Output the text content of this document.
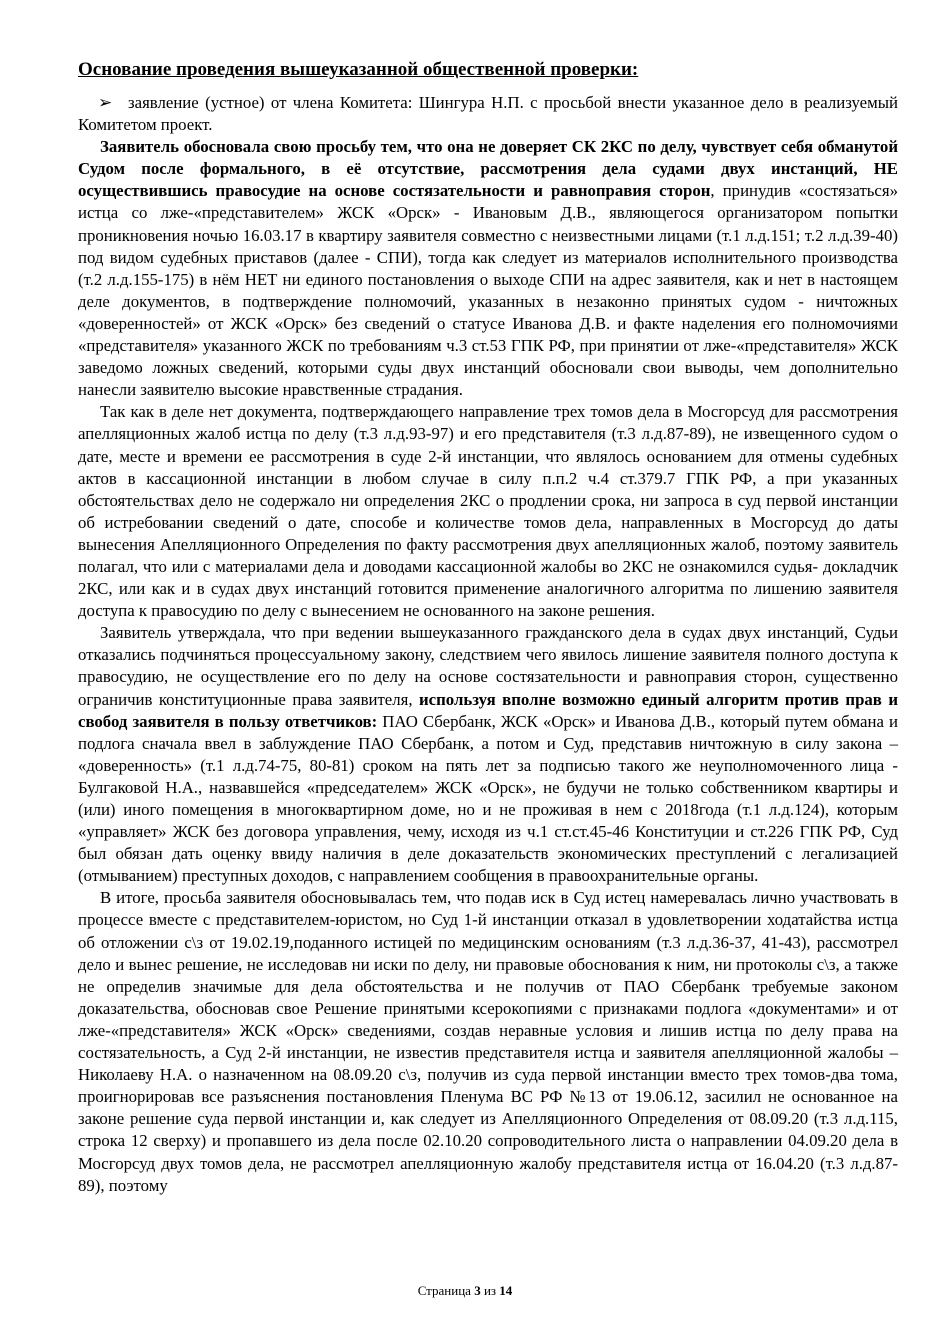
Основание проведения вышеуказанной общественной проверки:

➢ заявление (устное) от члена Комитета: Шингура Н.П. с просьбой внести указанное дело в реализуемый Комитетом проект.

Заявитель обосновала свою просьбу тем, что она не доверяет СК 2КС по делу, чувствует себя обманутой Судом после формального, в её отсутствие, рассмотрения дела судами двух инстанций, НЕ осуществившись правосудие на основе состязательности и равноправия сторон, принудив «состязаться» истца со лже-«представителем» ЖСК «Орск» - Ивановым Д.В., являющегося организатором попытки проникновения ночью 16.03.17 в квартиру заявителя совместно с неизвестными лицами (т.1 л.д.151; т.2 л.д.39-40) под видом судебных приставов (далее - СПИ), тогда как следует из материалов исполнительного производства (т.2 л.д.155-175) в нём НЕТ ни единого постановления о выходе СПИ на адрес заявителя, как и нет в настоящем деле документов, в подтверждение полномочий, указанных в незаконно принятых судом - ничтожных «доверенностей» от ЖСК «Орск» без сведений о статусе Иванова Д.В. и факте наделения его полномочиями «представителя» указанного ЖСК по требованиям ч.3 ст.53 ГПК РФ, при принятии от лже-«представителя» ЖСК заведомо ложных сведений, которыми суды двух инстанций обосновали свои выводы, чем дополнительно нанесли заявителю высокие нравственные страдания.

Так как в деле нет документа, подтверждающего направление трех томов дела в Мосгорсуд для рассмотрения апелляционных жалоб истца по делу (т.3 л.д.93-97) и его представителя (т.3 л.д.87-89), не извещенного судом о дате, месте и времени ее рассмотрения в суде 2-й инстанции, что являлось основанием для отмены судебных актов в кассационной инстанции в любом случае в силу п.п.2 ч.4 ст.379.7 ГПК РФ, а при указанных обстоятельствах дело не содержало ни определения 2КС о продлении срока, ни запроса в суд первой инстанции об истребовании сведений о дате, способе и количестве томов дела, направленных в Мосгорсуд до даты вынесения Апелляционного Определения по факту рассмотрения двух апелляционных жалоб, поэтому заявитель полагал, что или с материалами дела и доводами кассационной жалобы во 2КС не ознакомился судья- докладчик 2КС, или как и в судах двух инстанций готовится применение аналогичного алгоритма по лишению заявителя доступа к правосудию по делу с вынесением не основанного на законе решения.

Заявитель утверждала, что при ведении вышеуказанного гражданского дела в судах двух инстанций, Судьи отказались подчиняться процессуальному закону, следствием чего явилось лишение заявителя полного доступа к правосудию, не осуществление его по делу на основе состязательности и равноправия сторон, существенно ограничив конституционные права заявителя, используя вполне возможно единый алгоритм против прав и свобод заявителя в пользу ответчиков: ПАО Сбербанк, ЖСК «Орск» и Иванова Д.В., который путем обмана и подлога сначала ввел в заблуждение ПАО Сбербанк, а потом и Суд, представив ничтожную в силу закона – «доверенность» (т.1 л.д.74-75, 80-81) сроком на пять лет за подписью такого же неуполномоченного лица - Булгаковой Н.А., назвавшейся «председателем» ЖСК «Орск», не будучи не только собственником квартиры и (или) иного помещения в многоквартирном доме, но и не проживая в нем с 2018года (т.1 л.д.124), которым «управляет» ЖСК без договора управления, чему, исходя из ч.1 ст.ст.45-46 Конституции и ст.226 ГПК РФ, Суд был обязан дать оценку ввиду наличия в деле доказательств экономических преступлений с легализацией (отмыванием) преступных доходов, с направлением сообщения в правоохранительные органы.

В итоге, просьба заявителя обосновывалась тем, что подав иск в Суд истец намеревалась лично участвовать в процессе вместе с представителем-юристом, но Суд 1-й инстанции отказал в удовлетворении ходатайства истца об отложении с\з от 19.02.19,поданного истицей по медицинским основаниям (т.3 л.д.36-37, 41-43), рассмотрел дело и вынес решение, не исследовав ни иски по делу, ни правовые обоснования к ним, ни протоколы с\з, а также не определив значимые для дела обстоятельства и не получив от ПАО Сбербанк требуемые законом доказательства, обосновав свое Решение принятыми ксерокопиями с признаками подлога «документами» и от лже-«представителя» ЖСК «Орск» сведениями, создав неравные условия и лишив истца по делу права на состязательность, а Суд 2-й инстанции, не известив представителя истца и заявителя апелляционной жалобы – Николаеву Н.А. о назначенном на 08.09.20 с\з, получив из суда первой инстанции вместо трех томов-два тома, проигнорировав все разъяснения постановления Пленума ВС РФ №13 от 19.06.12, засилил не основанное на законе решение суда первой инстанции и, как следует из Апелляционного Определения от 08.09.20 (т.3 л.д.115, строка 12 сверху) и пропавшего из дела после 02.10.20 сопроводительного листа о направлении 04.09.20 дела в Мосгорсуд двух томов дела, не рассмотрел апелляционную жалобу представителя истца от 16.04.20 (т.3 л.д.87-89), поэтому

Страница 3 из 14
